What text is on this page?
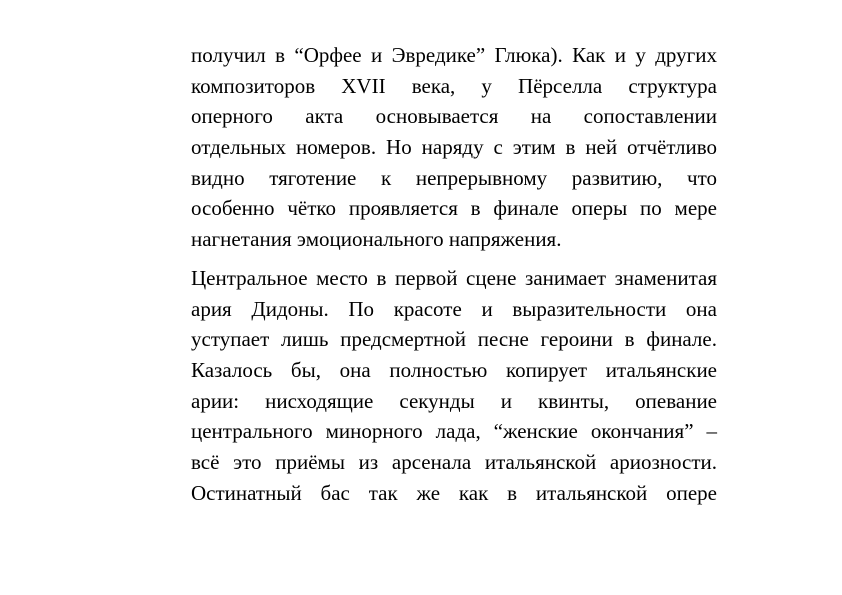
получил в “Орфее и Эвредике” Глюка). Как и у других
композиторов XVII века, у Пёрселла структура
оперного акта основывается на сопоставлении
отдельных номеров. Но наряду с этим в ней отчётливо
видно тяготение к непрерывному развитию, что
особенно чётко проявляется в финале оперы по мере
нагнетания эмоционального напряжения.
Центральное место в первой сцене занимает знаменитая
ария Дидоны. По красоте и выразительности она
уступает лишь предсмертной песне героини в финале.
Казалось бы, она полностью копирует итальянские
арии: нисходящие секунды и квинты, опевание
центрального минорного лада, “женские окончания” –
всё это приёмы из арсенала итальянской ариозности.
Остинатный бас так же как в итальянской опере
